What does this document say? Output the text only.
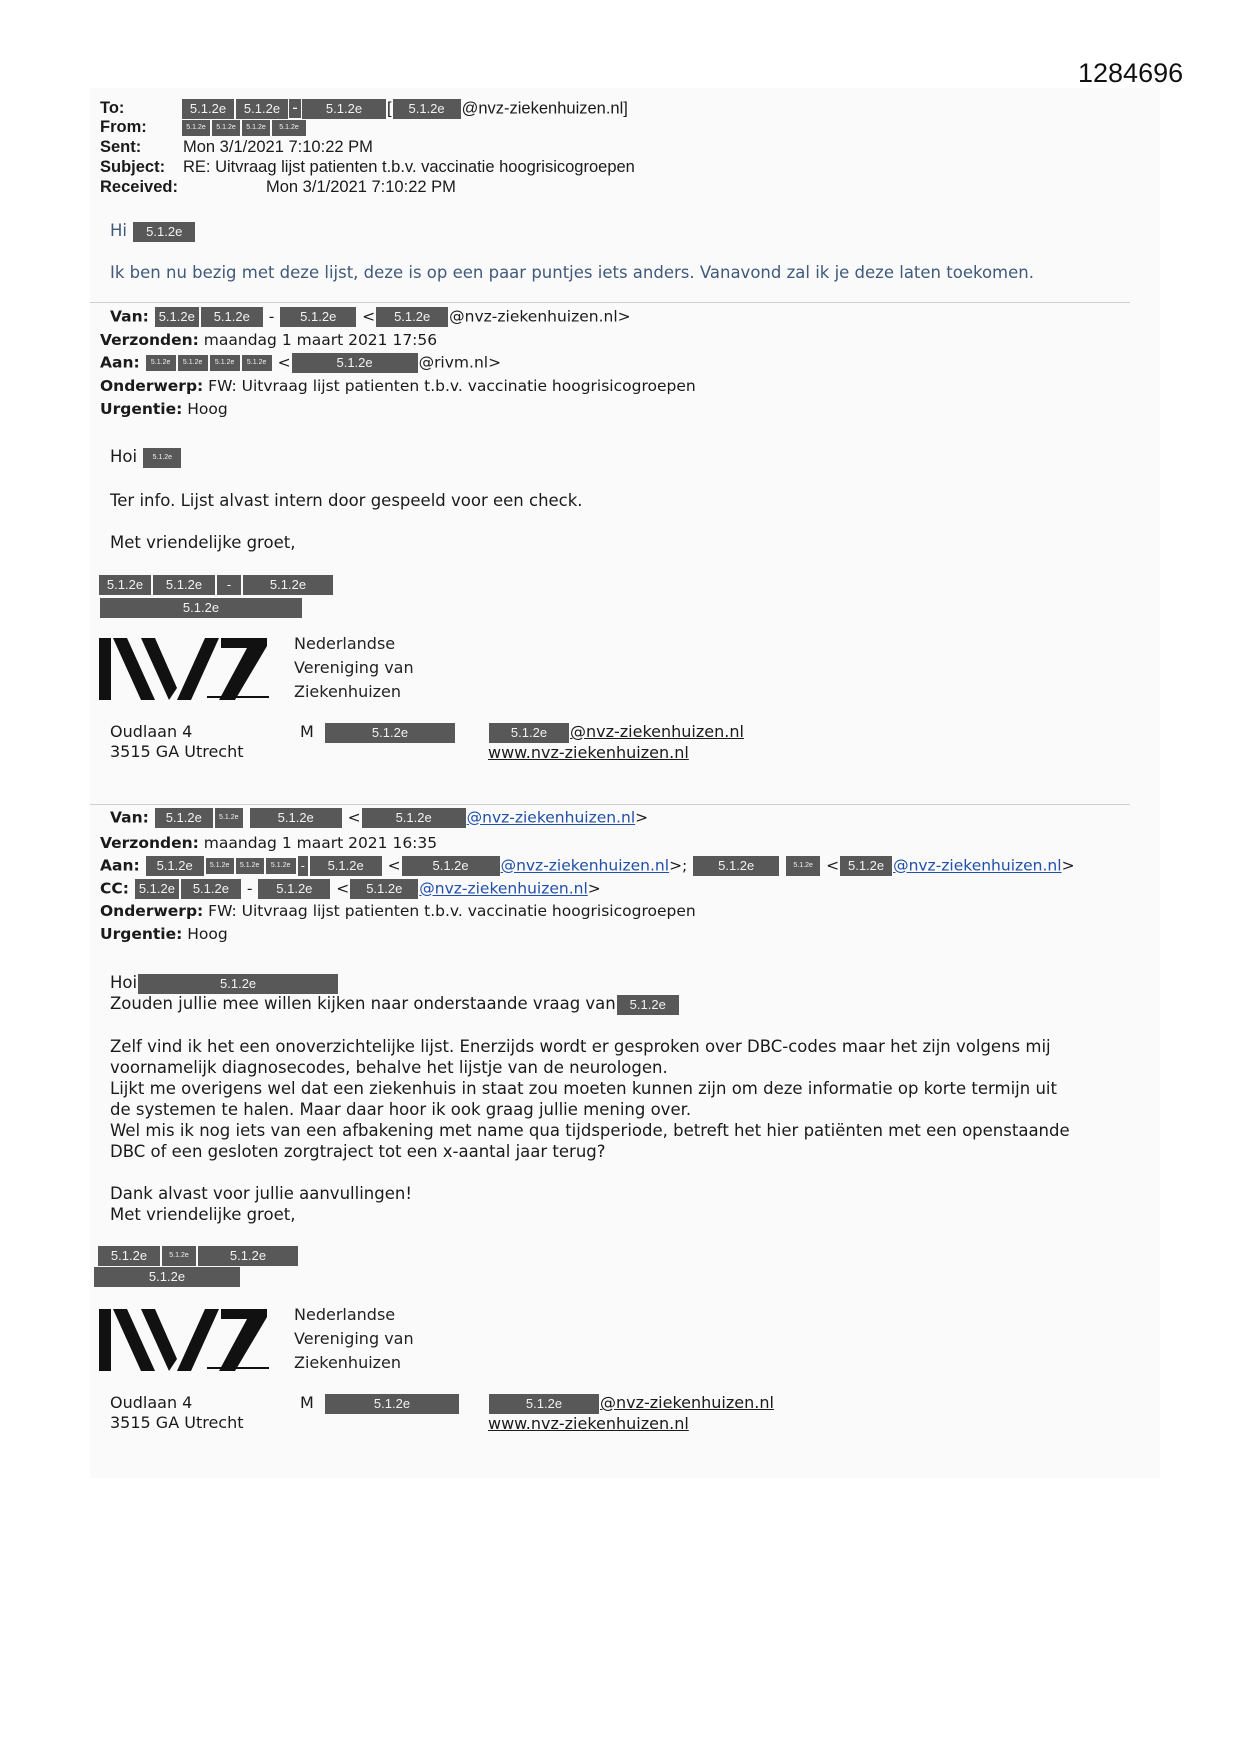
1284696
To:	5.1.2e 5.1.2e - 5.1.2e [ 5.1.2e @nvz-ziekenhuizen.nl]
From:	5.1.2e 5.1.2e 5.1.2e 5.1.2e
Sent:	Mon 3/1/2021 7:10:22 PM
Subject: RE: Uitvraag lijst patienten t.b.v. vaccinatie hoogrisicogroepen
Received:	Mon 3/1/2021 7:10:22 PM
Hi 5.1.2e
Ik ben nu bezig met deze lijst, deze is op een paar puntjes iets anders. Vanavond zal ik je deze laten toekomen.
Van: 5.1.2e 5.1.2e - 5.1.2e < 5.1.2e @nvz-ziekenhuizen.nl>
Verzonden: maandag 1 maart 2021 17:56
Aan: 5.1.2e 5.1.2e 5.1.2e 5.1.2e <	5.1.2e	@rivm.nl>
Onderwerp: FW: Uitvraag lijst patienten t.b.v. vaccinatie hoogrisicogroepen
Urgentie: Hoog
Hoi 5.1.2e
Ter info. Lijst alvast intern door gespeeld voor een check.
Met vriendelijke groet,
5.1.2e 5.1.2e -	5.1.2e
5.1.2e
Nederlandse
Vereniging van
Ziekenhuizen
Oudlaan 4
3515 GA Utrecht
M	5.1.2e	5.1.2e @nvz-ziekenhuizen.nl
www.nvz-ziekenhuizen.nl
Van: 5.1.2e 5.1.2e	5.1.2e <	5.1.2e @nvz-ziekenhuizen.nl>
Verzonden: maandag 1 maart 2021 16:35
Aan: 5.1.2e 5.1.2e 5.1.2e 5.1.2e - 5.1.2e < 5.1.2e @nvz-ziekenhuizen.nl>; 5.1.2e	5.1.2e < 5.1.2e @nvz-ziekenhuizen.nl>
CC: 5.1.2e 5.1.2e - 5.1.2e < 5.1.2e @nvz-ziekenhuizen.nl>
Onderwerp: FW: Uitvraag lijst patienten t.b.v. vaccinatie hoogrisicogroepen
Urgentie: Hoog
Hoi	5.1.2e
Zouden jullie mee willen kijken naar onderstaande vraag van 5.1.2e
Zelf vind ik het een onoverzichtelijke lijst. Enerzijds wordt er gesproken over DBC-codes maar het zijn volgens mij
voornamelijk diagnosecodes, behalve het lijstje van de neurologen.
Lijkt me overigens wel dat een ziekenhuis in staat zou moeten kunnen zijn om deze informatie op korte termijn uit
de systemen te halen. Maar daar hoor ik ook graag jullie mening over.
Wel mis ik nog iets van een afbakening met name qua tijdsperiode, betreft het hier patiënten met een openstaande
DBC of een gesloten zorgtraject tot een x-aantal jaar terug?
Dank alvast voor jullie aanvullingen!
Met vriendelijke groet,
5.1.2e	5.1.2e	5.1.2e
5.1.2e
Nederlandse
Vereniging van
Ziekenhuizen
Oudlaan 4
3515 GA Utrecht
M	5.1.2e	5.1.2e @nvz-ziekenhuizen.nl
www.nvz-ziekenhuizen.nl
